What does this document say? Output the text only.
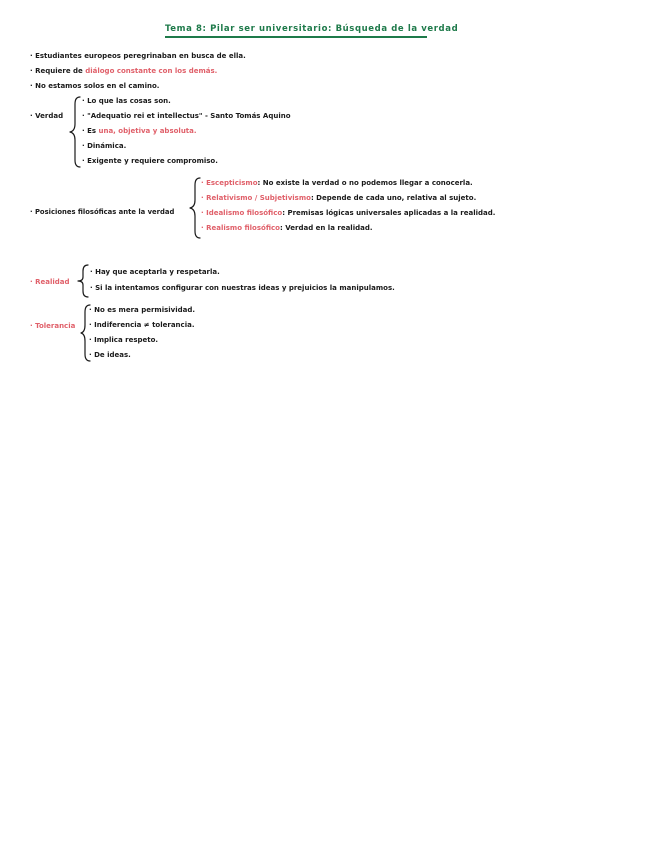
Tema 8: Pilar ser universitario: Búsqueda de la verdad
· Estudiantes europeos peregrinaban en busca de ella.
· Requiere de diálogo constante con los demás.
· No estamos solos en el camino.
· Verdad
· Lo que las cosas son.
· "Adequatio rei et intellectus" - Santo Tomás Aquino
· Es una, objetiva y absoluta.
· Dinámica.
· Exigente y requiere compromiso.
· Posiciones filosóficas ante la verdad
· Escepticismo: No existe la verdad o no podemos llegar a conocerla.
· Relativismo / Subjetivismo: Depende de cada uno, relativa al sujeto.
· Idealismo filosófico: Premisas lógicas universales aplicadas a la realidad.
· Realismo filosófico: Verdad en la realidad.
· Realidad
· Hay que aceptarla y respetarla.
· Si la intentamos configurar con nuestras ideas y prejuicios la manipulamos.
· Tolerancia
· No es mera permisividad.
· Indiferencia ≠ tolerancia.
· Implica respeto.
· De ideas.
